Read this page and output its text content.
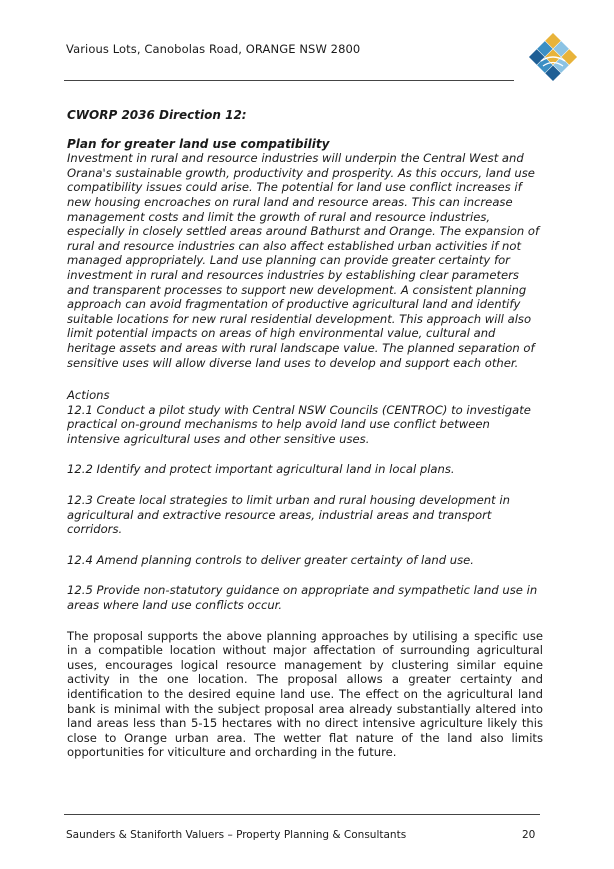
Various Lots, Canobolas Road, ORANGE NSW 2800

CWORP 2036 Direction 12:

Plan for greater land use compatibility

Investment in rural and resource industries will underpin the Central West and Orana's sustainable growth, productivity and prosperity. As this occurs, land use compatibility issues could arise. The potential for land use conflict increases if new housing encroaches on rural land and resource areas. This can increase management costs and limit the growth of rural and resource industries, especially in closely settled areas around Bathurst and Orange. The expansion of rural and resource industries can also affect established urban activities if not managed appropriately. Land use planning can provide greater certainty for investment in rural and resources industries by establishing clear parameters and transparent processes to support new development. A consistent planning approach can avoid fragmentation of productive agricultural land and identify suitable locations for new rural residential development. This approach will also limit potential impacts on areas of high environmental value, cultural and heritage assets and areas with rural landscape value. The planned separation of sensitive uses will allow diverse land uses to develop and support each other.

Actions

12.1 Conduct a pilot study with Central NSW Councils (CENTROC) to investigate practical on-ground mechanisms to help avoid land use conflict between intensive agricultural uses and other sensitive uses.

12.2 Identify and protect important agricultural land in local plans.

12.3 Create local strategies to limit urban and rural housing development in agricultural and extractive resource areas, industrial areas and transport corridors.

12.4 Amend planning controls to deliver greater certainty of land use.

12.5 Provide non-statutory guidance on appropriate and sympathetic land use in areas where land use conflicts occur.

The proposal supports the above planning approaches by utilising a specific use in a compatible location without major affectation of surrounding agricultural uses, encourages logical resource management by clustering similar equine activity in the one location. The proposal allows a greater certainty and identification to the desired equine land use. The effect on the agricultural land bank is minimal with the subject proposal area already substantially altered into land areas less than 5-15 hectares with no direct intensive agriculture likely this close to Orange urban area. The wetter flat nature of the land also limits opportunities for viticulture and orcharding in the future.

Saunders & Staniforth Valuers – Property Planning & Consultants	20
